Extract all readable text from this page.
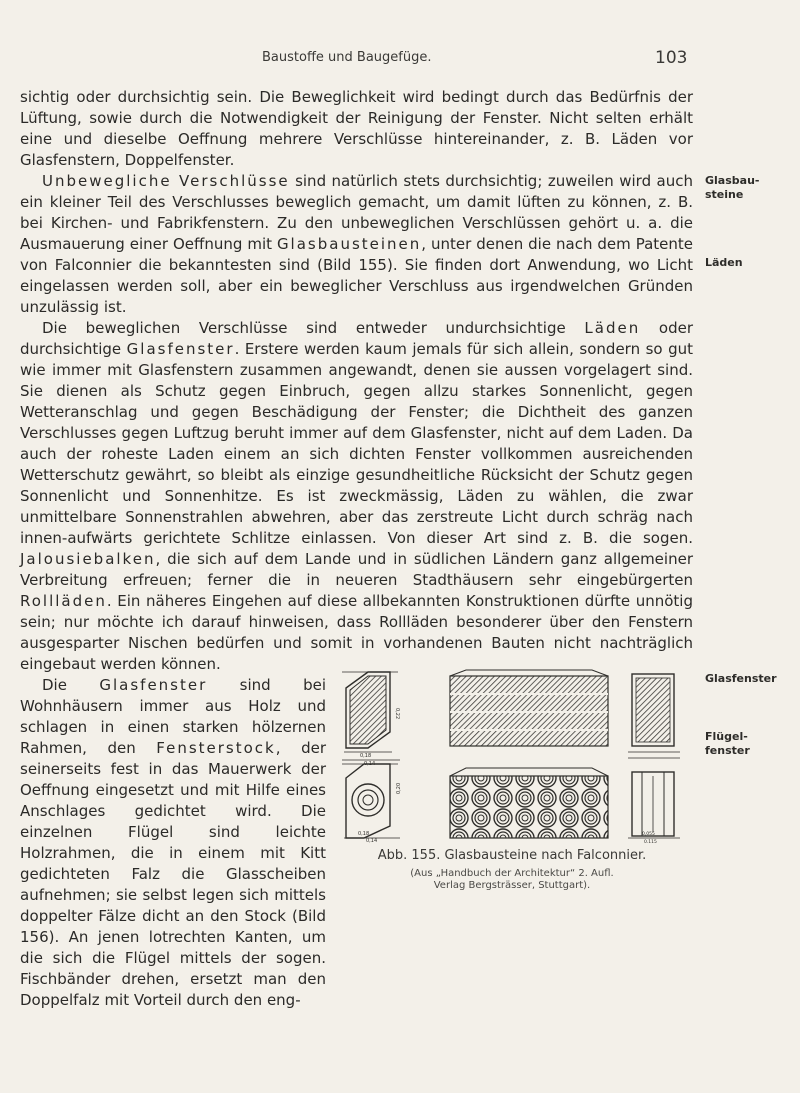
Baustoffe und Baugefüge.	103

sichtig oder durchsichtig sein. Die Beweglichkeit wird bedingt durch das Bedürfnis der Lüftung, sowie durch die Notwendigkeit der Reinigung der Fenster. Nicht selten erhält eine und dieselbe Oeffnung mehrere Verschlüsse hintereinander, z. B. Läden vor Glasfenstern, Doppelfenster.

Unbewegliche Verschlüsse sind natürlich stets durchsichtig; zuweilen wird auch ein kleiner Teil des Verschlusses beweglich gemacht, um damit lüften zu können, z. B. bei Kirchen- und Fabrikfenstern. Zu den unbeweglichen Verschlüssen gehört u. a. die Ausmauerung einer Oeffnung mit Glasbausteinen, unter denen die nach dem Patente von Falconnier die bekanntesten sind (Bild 155). Sie finden dort Anwendung, wo Licht eingelassen werden soll, aber ein beweglicher Verschluss aus irgendwelchen Gründen unzulässig ist.

Die beweglichen Verschlüsse sind entweder undurchsichtige Läden oder durchsichtige Glasfenster. Erstere werden kaum jemals für sich allein, sondern so gut wie immer mit Glasfenstern zusammen angewandt, denen sie aussen vorgelagert sind. Sie dienen als Schutz gegen Einbruch, gegen allzu starkes Sonnenlicht, gegen Wetteranschlag und gegen Beschädigung der Fenster; die Dichtheit des ganzen Verschlusses gegen Luftzug beruht immer auf dem Glasfenster, nicht auf dem Laden. Da auch der roheste Laden einem an sich dichten Fenster vollkommen ausreichenden Wetterschutz gewährt, so bleibt als einzige gesundheitliche Rücksicht der Schutz gegen Sonnenlicht und Sonnenhitze. Es ist zweckmässig, Läden zu wählen, die zwar unmittelbare Sonnenstrahlen abwehren, aber das zerstreute Licht durch schräg nach innen-aufwärts gerichtete Schlitze einlassen. Von dieser Art sind z. B. die sogen. Jalousiebalken, die sich auf dem Lande und in südlichen Ländern ganz allgemeiner Verbreitung erfreuen; ferner die in neueren Stadthäusern sehr eingebürgerten Rollläden. Ein näheres Eingehen auf diese allbekannten Konstruktionen dürfte unnötig sein; nur möchte ich darauf hinweisen, dass Rollläden besonderer über den Fenstern ausgesparter Nischen bedürfen und somit in vorhandenen Bauten nicht nachträglich eingebaut werden können.

Die Glasfenster sind bei Wohnhäusern immer aus Holz und schlagen in einen starken hölzernen Rahmen, den Fensterstock, der seinerseits fest in das Mauerwerk der Oeffnung eingesetzt und mit Hilfe eines Anschlages gedichtet wird. Die einzelnen Flügel sind leichte Holzrahmen, die in einem mit Kitt gedichteten Falz die Glasscheiben aufnehmen; sie selbst legen sich mittels doppelter Fälze dicht an den Stock (Bild 156). An jenen lotrechten Kanten, um die sich die Flügel mittels der sogen. Fischbänder drehen, ersetzt man den Doppelfalz mit Vorteil durch den eng-

Glasbau-
steine
Läden
Glasfenster
Flügel-
fenster
0,18
0,14
0,22
0,18
0,14
0,20
0,055
0,115
Abb. 155. Glasbausteine nach Falconnier.
(Aus „Handbuch der Architektur“ 2. Aufl.
Verlag Bergsträsser, Stuttgart).
